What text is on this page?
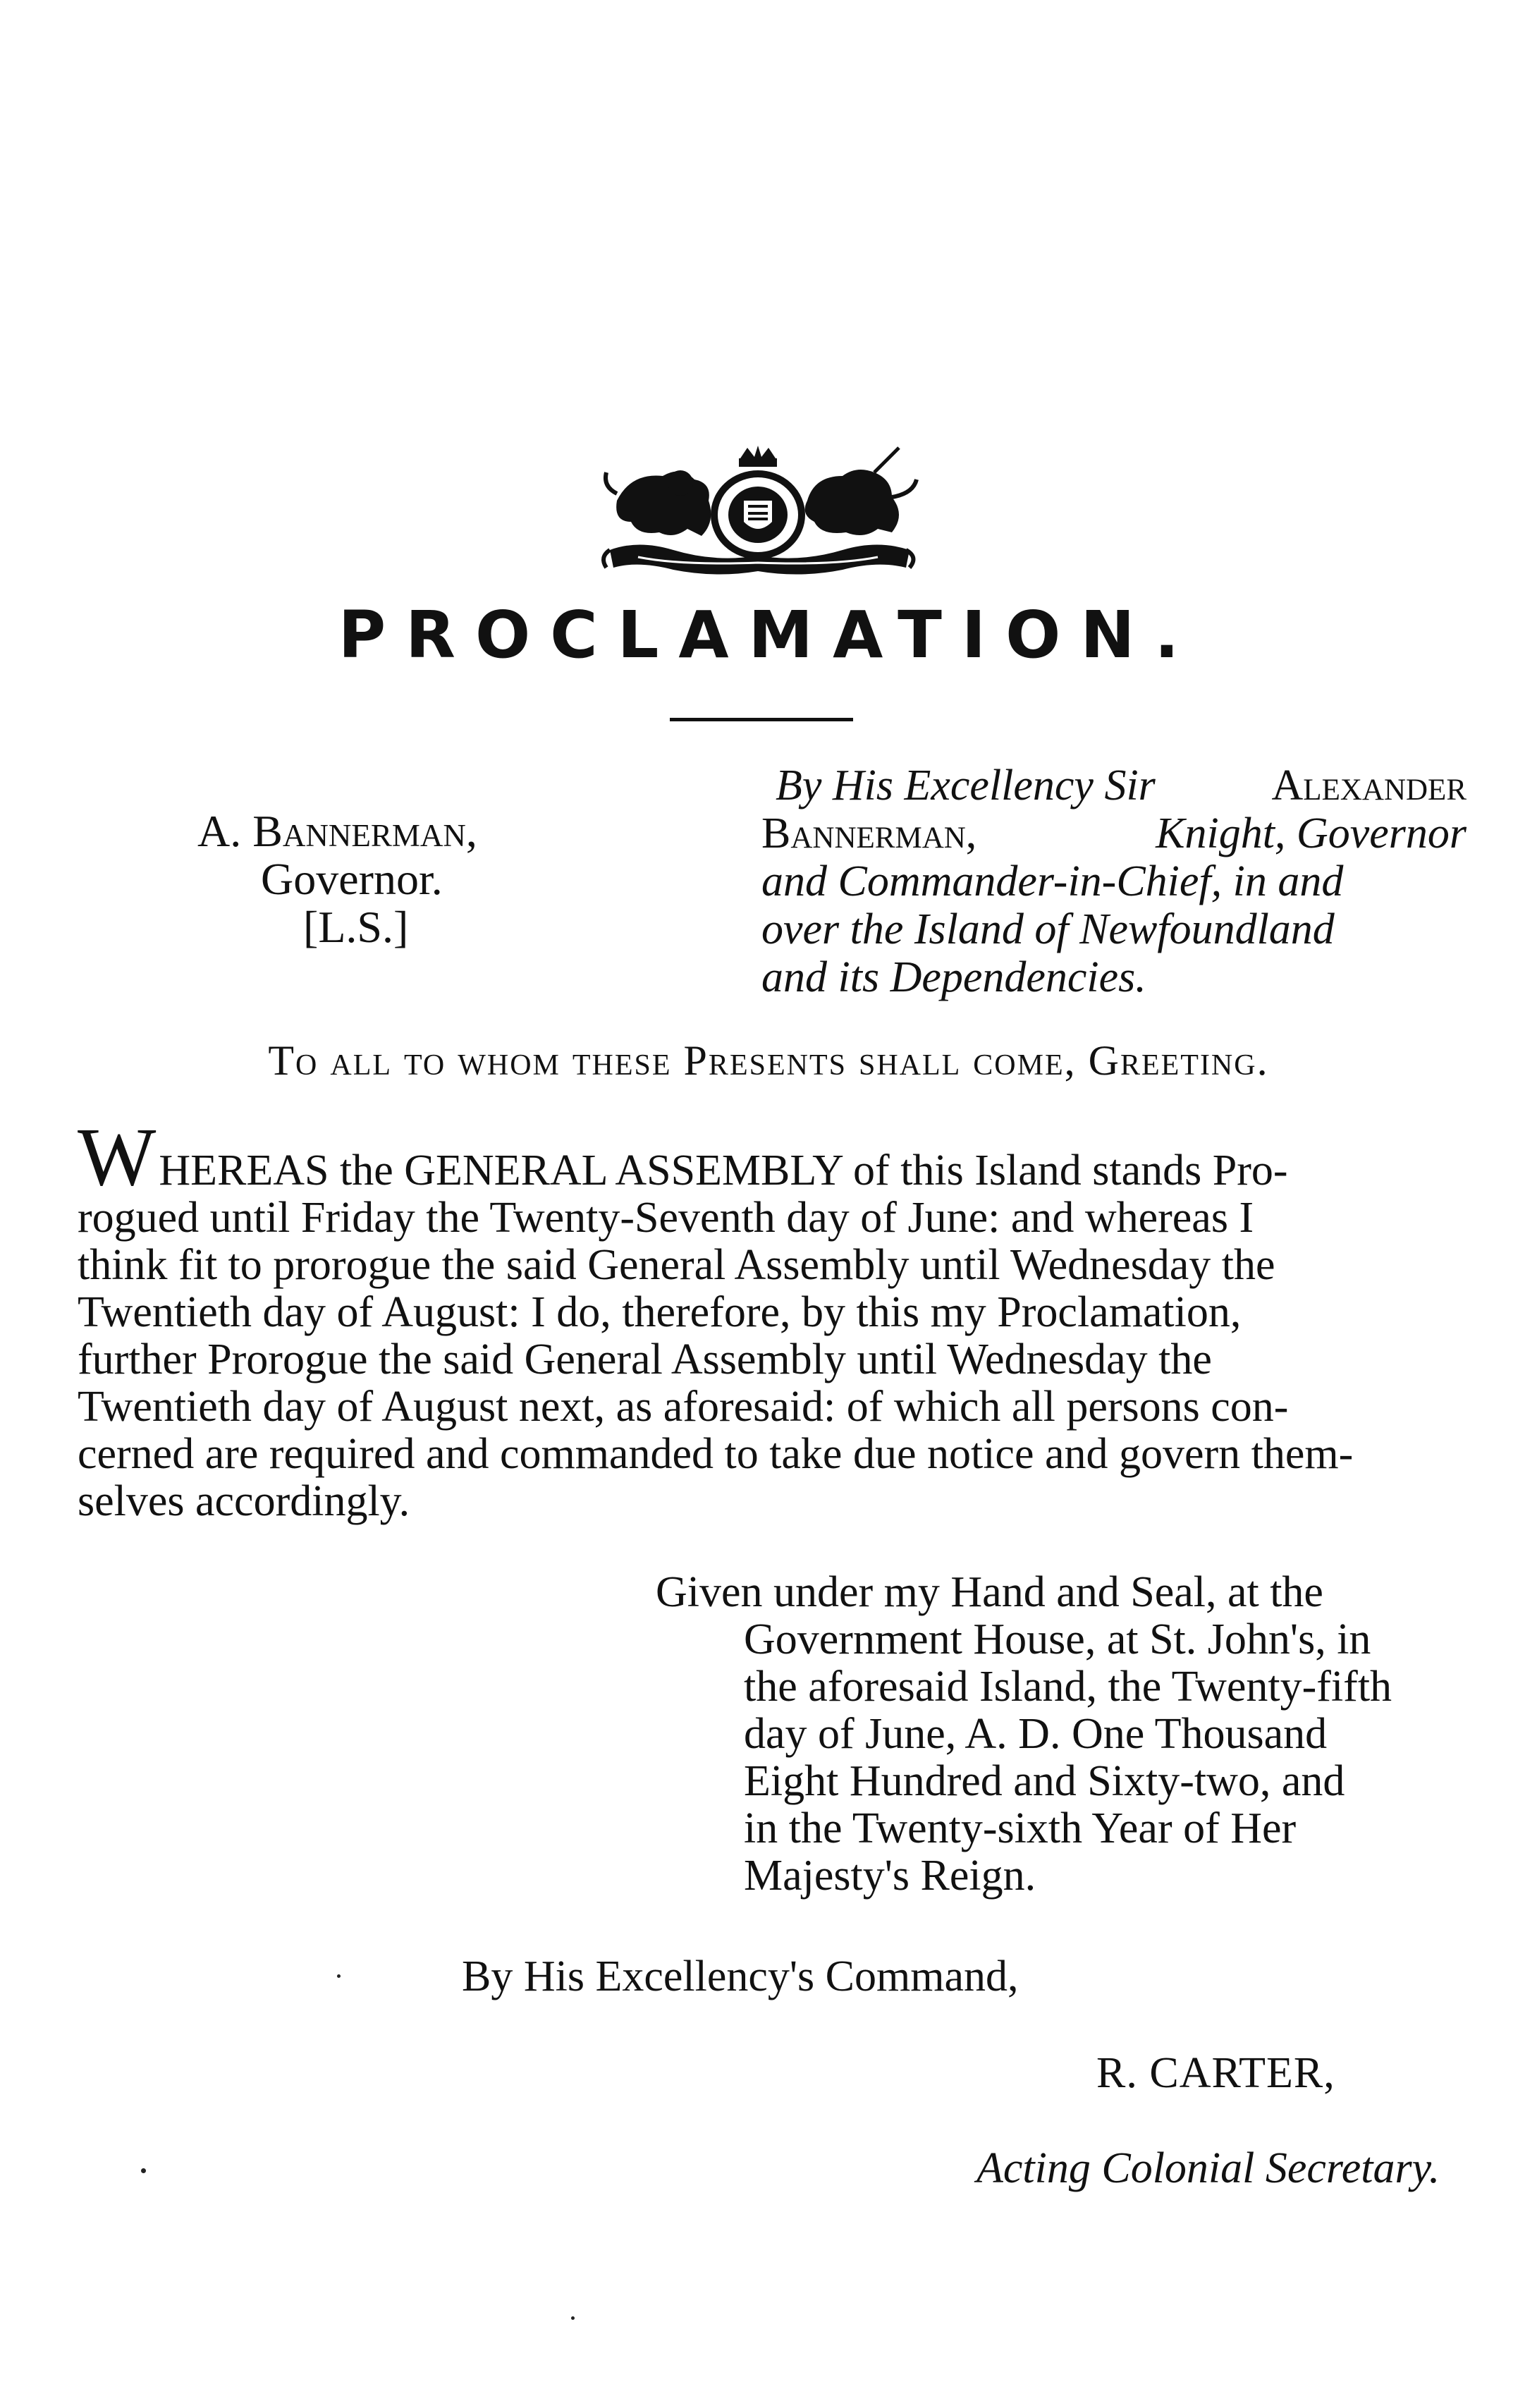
PROCLAMATION.
A. Bannerman,
Governor.
[L.S.]
By His Excellency Sir	Alexander
Bannerman,	Knight, Governor
and Commander-in-Chief, in and
over the Island of Newfoundland
and its Dependencies.
To all to whom these Presents shall come, Greeting.
WHEREAS the GENERAL ASSEMBLY of this Island stands Pro-
rogued until Friday the Twenty-Seventh day of June: and whereas I
think fit to prorogue the said General Assembly until Wednesday the
Twentieth day of August: I do, therefore, by this my Proclamation,
further Prorogue the said General Assembly until Wednesday the
Twentieth day of August next, as aforesaid: of which all persons con-
cerned are required and commanded to take due notice and govern them-
selves accordingly.
Given under my Hand and Seal, at the
Government House, at St. John's, in
the aforesaid Island, the Twenty-fifth
day of June, A. D. One Thousand
Eight Hundred and Sixty-two, and
in the Twenty-sixth Year of Her
Majesty's Reign.
By His Excellency's Command,
R. CARTER,
Acting Colonial Secretary.
